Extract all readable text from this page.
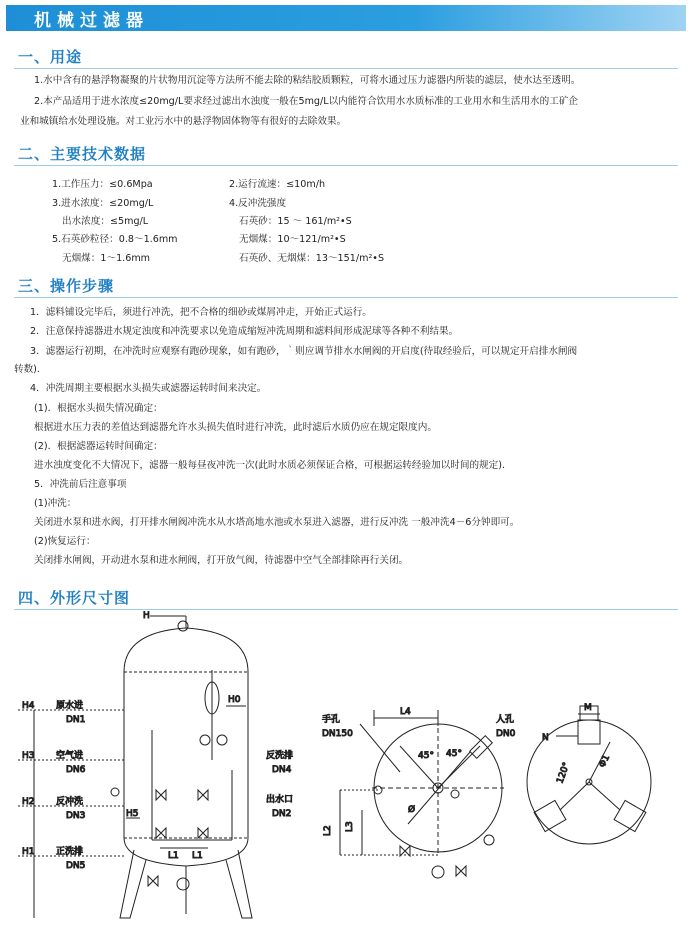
机械过滤器
一、用途
1.水中含有的悬浮物凝聚的片状物用沉淀等方法所不能去除的粘结胶质颗粒，可将水通过压力滤器内所装的滤层，使水达至透明。
2.本产品适用于进水浓度≤20mg/L要求经过滤出水浊度一般在5mg/L以内能符合饮用水水质标准的工业用水和生活用水的工矿企
业和城镇给水处理设施。对工业污水中的悬浮物固体物等有很好的去除效果。
二、主要技术数据
1.工作压力：≤0.6Mpa
3.进水浓度：≤20mg/L
出水浓度：≤5mg/L
5.石英砂粒径：0.8～1.6mm
无烟煤：1～1.6mm
2.运行流速：≤10m/h
4.反冲洗强度
石英砂：15 ～ 161/m²•S
无烟煤：10～121/m²•S
石英砂、无烟煤：13～151/m²•S
三、操作步骤
1．滤料铺设完毕后，须进行冲洗，把不合格的细砂或煤屑冲走，开始正式运行。
2．注意保持滤器进水规定浊度和冲洗要求以免造成缩短冲洗周期和滤料间形成泥球等各种不利结果。
3．滤器运行初期，在冲洗时应观察有跑砂现象，如有跑砂，｀则应调节排水水闸阀的开启度(待取经验后，可以规定开启排水闸阀
转数)．
4．冲洗周期主要根据水头损失或滤器运转时间来决定。
(1)．根据水头损失情况确定：
根据进水压力表的差值达到滤器允许水头损失值时进行冲洗，此时滤后水质仍应在规定限度内。
(2)．根据滤器运转时间确定：
进水浊度变化不大情况下，滤器一般每昼夜冲洗一次(此时水质必须保证合格，可根据运转经验加以时间的规定)．
5．冲洗前后注意事项
(1)冲洗：
关闭进水泵和进水阀，打开排水闸阀冲洗水从水塔高地水池或水泵进入滤器，进行反冲洗 一般冲洗4－6分钟即可。
(2)恢复运行：
关闭排水闸阀，开动进水泵和进水闸阀，打开放气阀，待滤器中空气全部排除再行关闭。
四、外形尺寸图
H
H0
H4 原水进
DN1
H3 空气进
DN6
H2 反冲洗
DN3
H1 正洗排
DN5
H5
反洗排
DN4
出水口
DN2
L1 L1
手孔
DN150
L4
人孔
DN0
45° 45°
Ø
L2 L3
M
N
120°	Φ1
